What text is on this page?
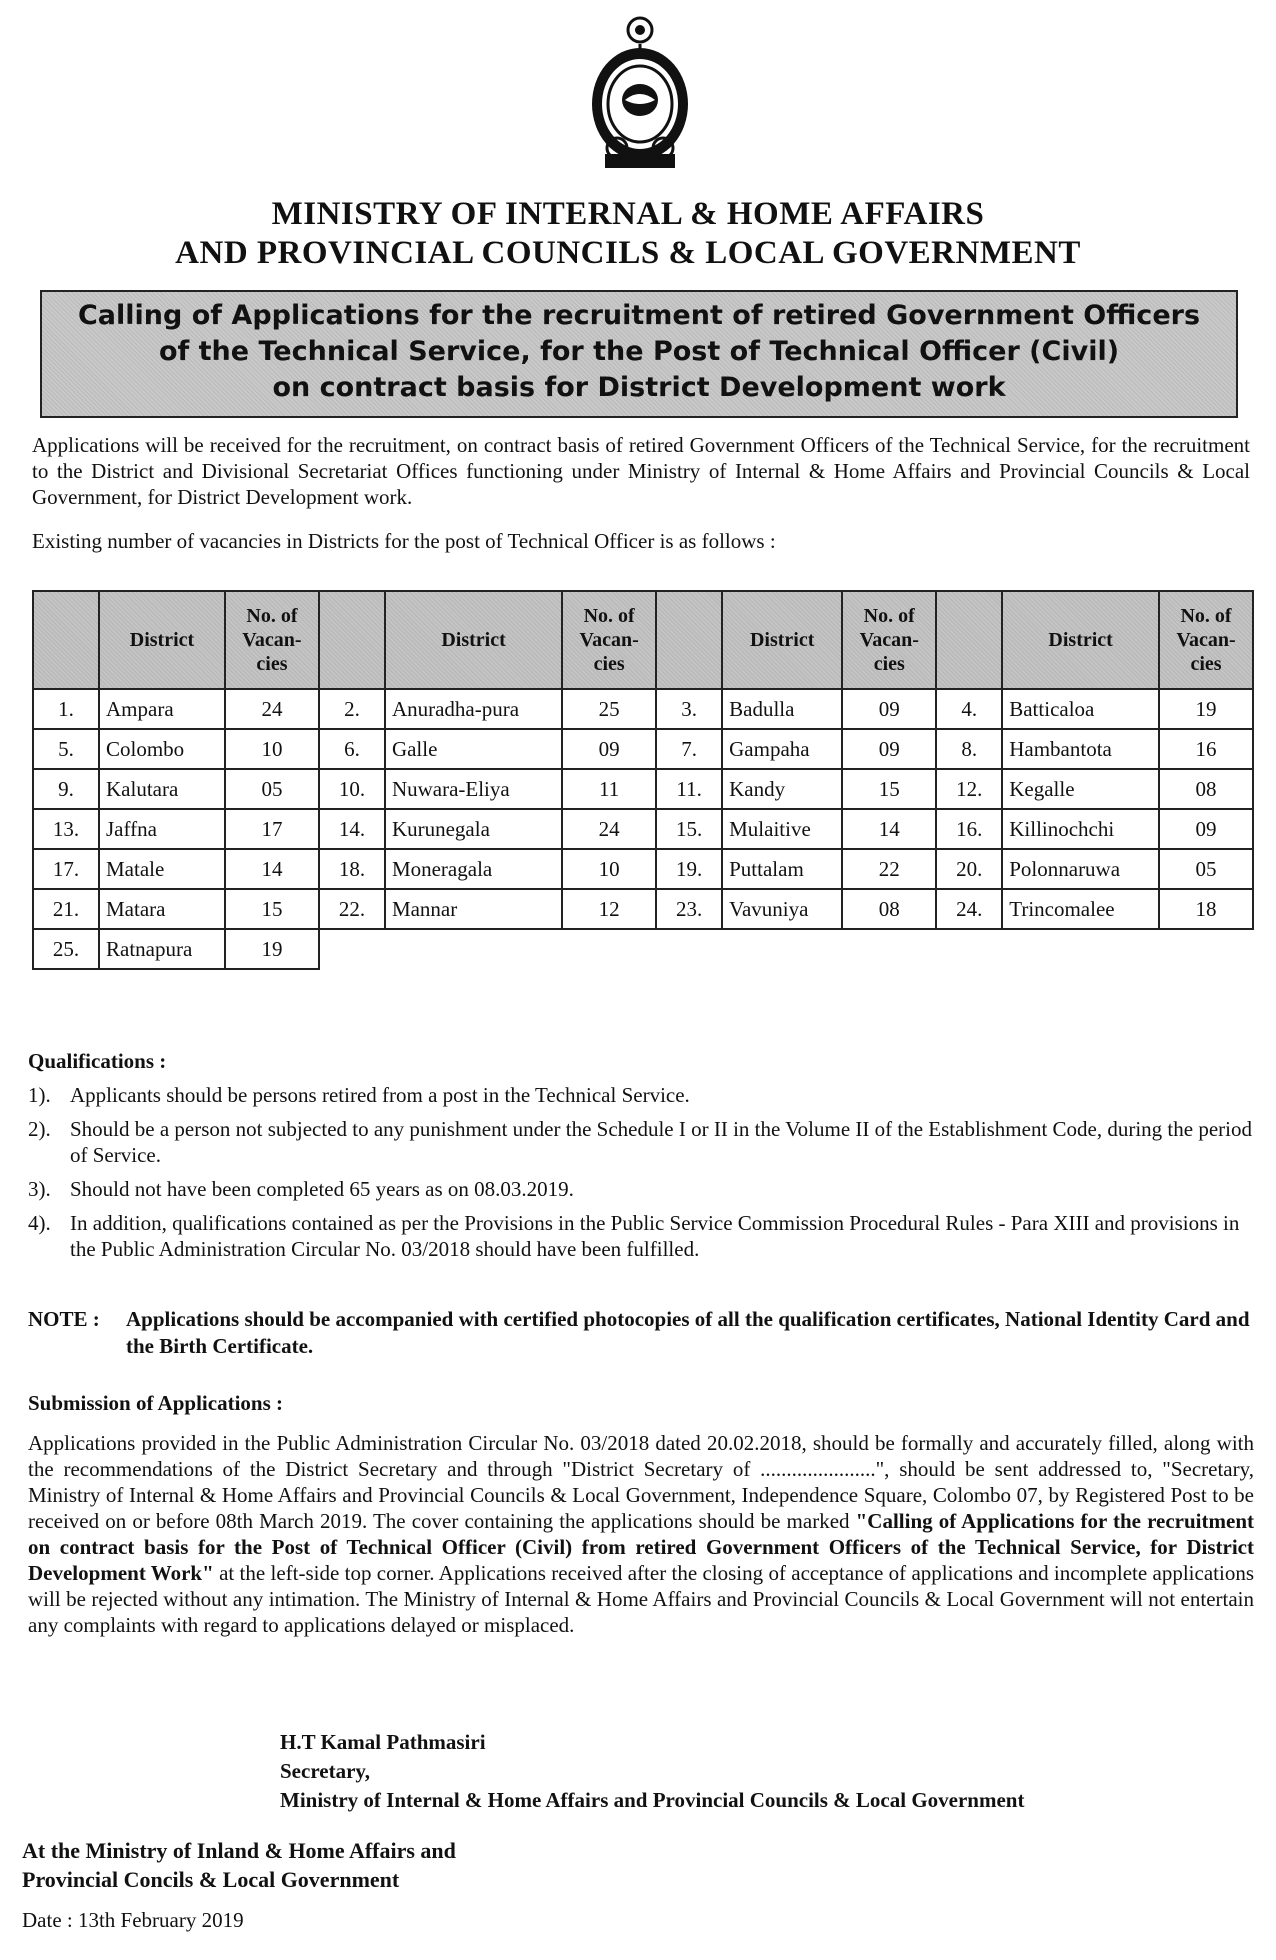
MINISTRY OF INTERNAL & HOME AFFAIRS
AND PROVINCIAL COUNCILS & LOCAL GOVERNMENT
Calling of Applications for the recruitment of retired Government Officers
of the Technical Service, for the Post of Technical Officer (Civil)
on contract basis for District Development work

Applications will be received for the recruitment, on contract basis of retired Government Officers of the Technical Service, for the recruitment to the District and Divisional Secretariat Offices functioning under Ministry of Internal & Home Affairs and Provincial Councils & Local Government, for District Development work.

Existing number of vacancies in Districts for the post of Technical Officer is as follows :

	District	No. of Vacan-cies		District	No. of Vacan-cies		District	No. of Vacan-cies		District	No. of Vacan-cies
1.	Ampara	24	2.	Anuradha-pura	25	3.	Badulla	09	4.	Batticaloa	19
5.	Colombo	10	6.	Galle	09	7.	Gampaha	09	8.	Hambantota	16
9.	Kalutara	05	10.	Nuwara-Eliya	11	11.	Kandy	15	12.	Kegalle	08
13.	Jaffna	17	14.	Kurunegala	24	15.	Mulaitive	14	16.	Killinochchi	09
17.	Matale	14	18.	Moneragala	10	19.	Puttalam	22	20.	Polonnaruwa	05
21.	Matara	15	22.	Mannar	12	23.	Vavuniya	08	24.	Trincomalee	18
25.	Ratnapura	19									
Qualifications :
1). Applicants should be persons retired from a post in the Technical Service.
2). Should be a person not subjected to any punishment under the Schedule I or II in the Volume II of the Establishment Code, during the period of Service.
3). Should not have been completed 65 years as on 08.03.2019.
4). In addition, qualifications contained as per the Provisions in the Public Service Commission Procedural Rules - Para XIII and provisions in the Public Administration Circular No. 03/2018 should have been fulfilled.
NOTE :	Applications should be accompanied with certified photocopies of all the qualification certificates, National Identity Card and the Birth Certificate.
Submission of Applications :
Applications provided in the Public Administration Circular No. 03/2018 dated 20.02.2018, should be formally and accurately filled, along with the recommendations of the District Secretary and through "District Secretary of ......................", should be sent addressed to, "Secretary, Ministry of Internal & Home Affairs and Provincial Councils & Local Government, Independence Square, Colombo 07, by Registered Post to be received on or before 08th March 2019. The cover containing the applications should be marked "Calling of Applications for the recruitment on contract basis for the Post of Technical Officer (Civil) from retired Government Officers of the Technical Service, for District Development Work" at the left-side top corner. Applications received after the closing of acceptance of applications and incomplete applications will be rejected without any intimation. The Ministry of Internal & Home Affairs and Provincial Councils & Local Government will not entertain any complaints with regard to applications delayed or misplaced.
H.T Kamal Pathmasiri
Secretary,
Ministry of Internal & Home Affairs and Provincial Councils & Local Government
At the Ministry of Inland & Home Affairs and
Provincial Concils & Local Government
Date : 13th February 2019
